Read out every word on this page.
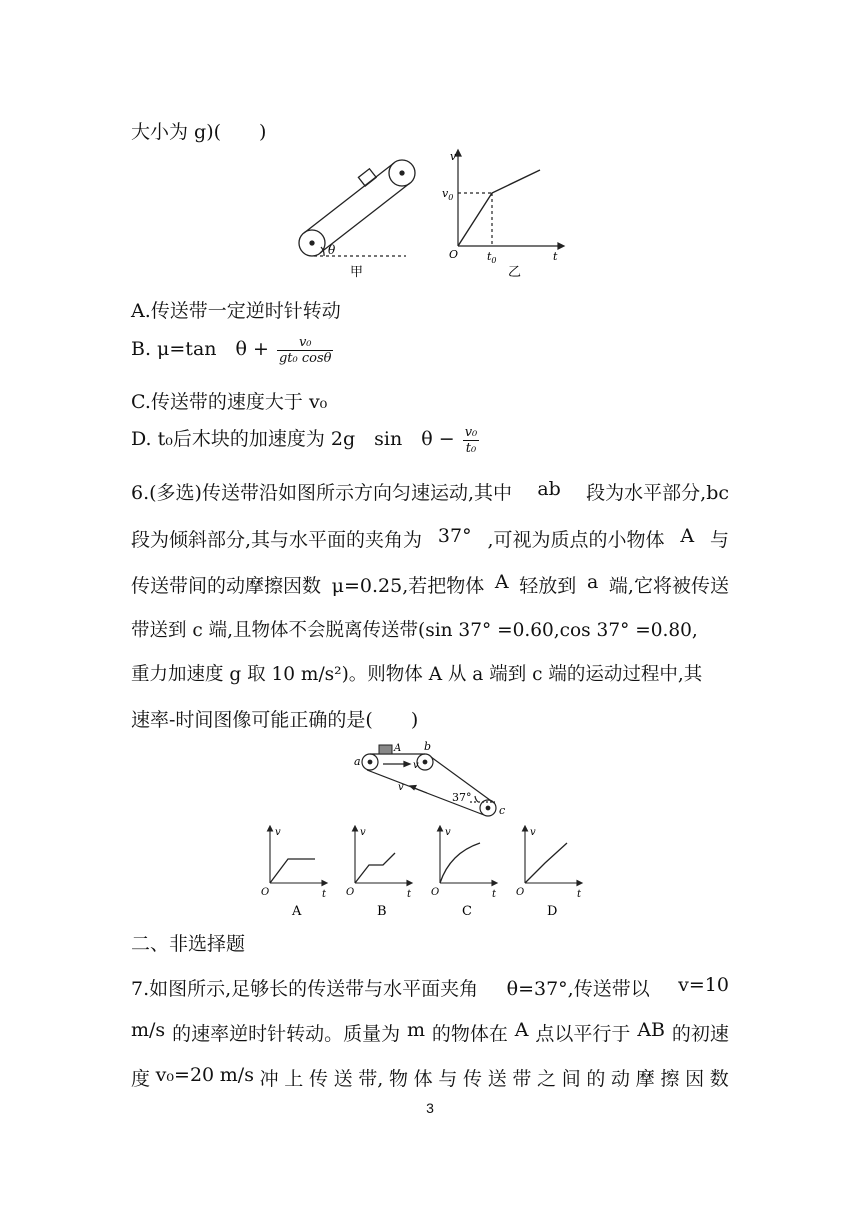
大小为 g)(　　)
θ
甲
v
t
O
$v_0$
$t_0$
乙
A.传送带一定逆时针转动
B. μ=tan　$\theta + \frac{\text{v₀}}{\text{gt₀ cosθ}}$
C.传送带的速度大于 v₀
D. t₀后木块的加速度为 2g　sin　$\theta - \frac{\text{v₀}}{\text{t₀}}$
6.(多选)传送带沿如图所示方向匀速运动,其中 ab 段为水平部分,bc
段为倾斜部分,其与水平面的夹角为 37° ,可视为质点的小物体 A 与
传送带间的动摩擦因数 μ=0.25,若把物体 A 轻放到 a 端,它将被传送
带送到 c 端,且物体不会脱离传送带(sin 37° =0.60,cos 37° =0.80,
重力加速度 g 取 10 m/s²)。则物体 A 从 a 端到 c 端的运动过程中,其
速率-时间图像可能正确的是(　　)
A b
a
c
v
v
37°
v
t
O
A
v
t
O
B
v
t
O
C
v
t
O
D
二、非选择题
7.如图所示,足够长的传送带与水平面夹角 θ=37°,传送带以 v=10
m/s 的速率逆时针转动。质量为 m 的物体在 A 点以平行于 AB 的初速
度 v₀=20 m/s 冲 上 传 送 带, 物 体 与 传 送 带 之 间 的 动 摩 擦 因 数
3
